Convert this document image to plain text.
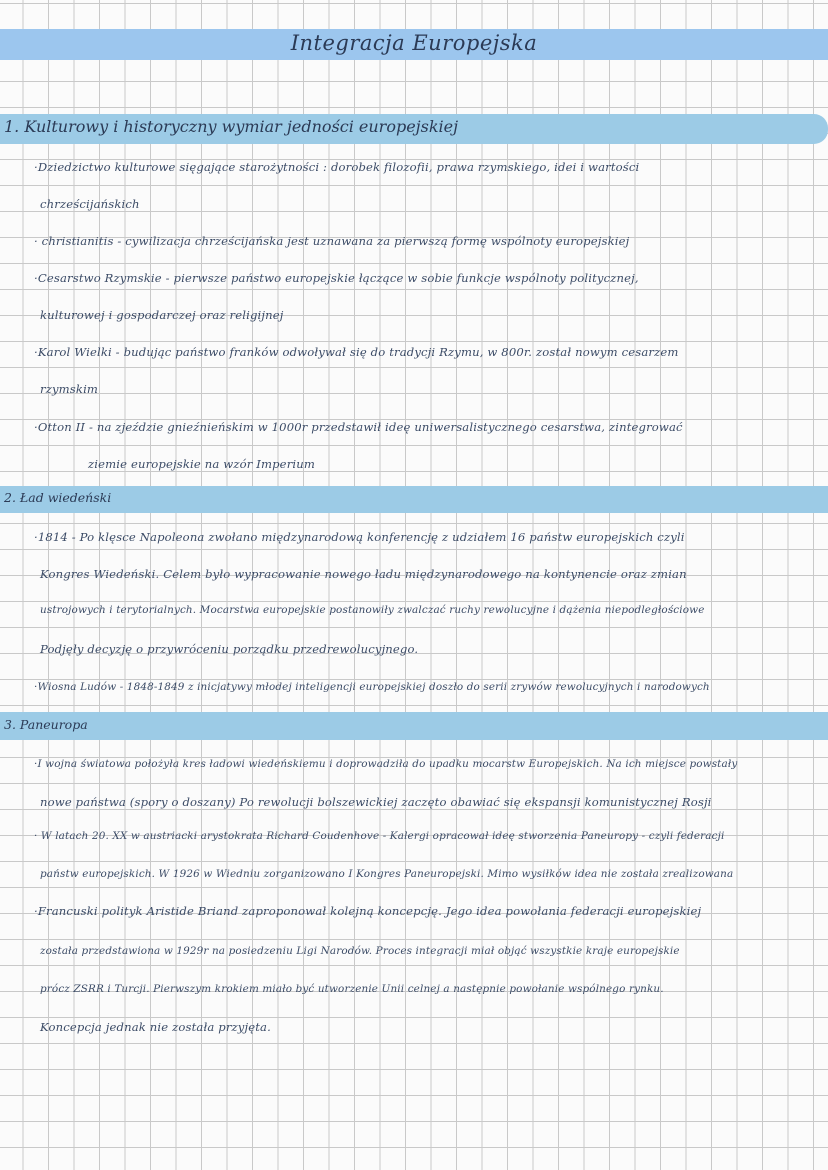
Integracja Europejska
1. Kulturowy i historyczny wymiar jedności europejskiej
·Dziedzictwo kulturowe sięgające starożytności : dorobek filozofii, prawa rzymskiego, idei i wartości
chrześcijańskich
· christianitis - cywilizacja chrześcijańska jest uznawana za pierwszą formę wspólnoty europejskiej
·Cesarstwo Rzymskie - pierwsze państwo europejskie łączące w sobie funkcje wspólnoty politycznej,
kulturowej i gospodarczej oraz religijnej
·Karol Wielki - budując państwo franków odwoływał się do tradycji Rzymu, w 800r. został nowym cesarzem
rzymskim
·Otton II - na zjeździe gnieźnieńskim w 1000r przedstawił ideę uniwersalistycznego cesarstwa, zintegrować
ziemie europejskie na wzór Imperium
2. Ład wiedeński
·1814 - Po klęsce Napoleona zwołano międzynarodową konferencję z udziałem 16 państw europejskich czyli
Kongres Wiedeński. Celem było wypracowanie nowego ładu międzynarodowego na kontynencie oraz zmian
ustrojowych i terytorialnych. Mocarstwa europejskie postanowiły zwalczać ruchy rewolucyjne i dążenia niepodległościowe
Podjęły decyzję o przywróceniu porządku przedrewolucyjnego.
·Wiosna Ludów - 1848-1849 z inicjatywy młodej inteligencji europejskiej doszło do serii zrywów rewolucyjnych i narodowych
3. Paneuropa
·I wojna światowa położyła kres ładowi wiedeńskiemu i doprowadziła do upadku mocarstw Europejskich. Na ich miejsce powstały
nowe państwa (spory o doszany) Po rewolucji bolszewickiej zaczęto obawiać się ekspansji komunistycznej Rosji
· W latach 20. XX w austriacki arystokrata Richard Coudenhove - Kalergi opracował ideę stworzenia Paneuropy - czyli federacji
państw europejskich. W 1926 w Wiedniu zorganizowano I Kongres Paneuropejski. Mimo wysiłków idea nie została zrealizowana
·Francuski polityk Aristide Briand zaproponował kolejną koncepcję. Jego idea powołania federacji europejskiej
została przedstawiona w 1929r na posiedzeniu Ligi Narodów. Proces integracji miał objąć wszystkie kraje europejskie
prócz ZSRR i Turcji. Pierwszym krokiem miało być utworzenie Unii celnej a następnie powołanie wspólnego rynku.
Koncepcja jednak nie została przyjęta.
